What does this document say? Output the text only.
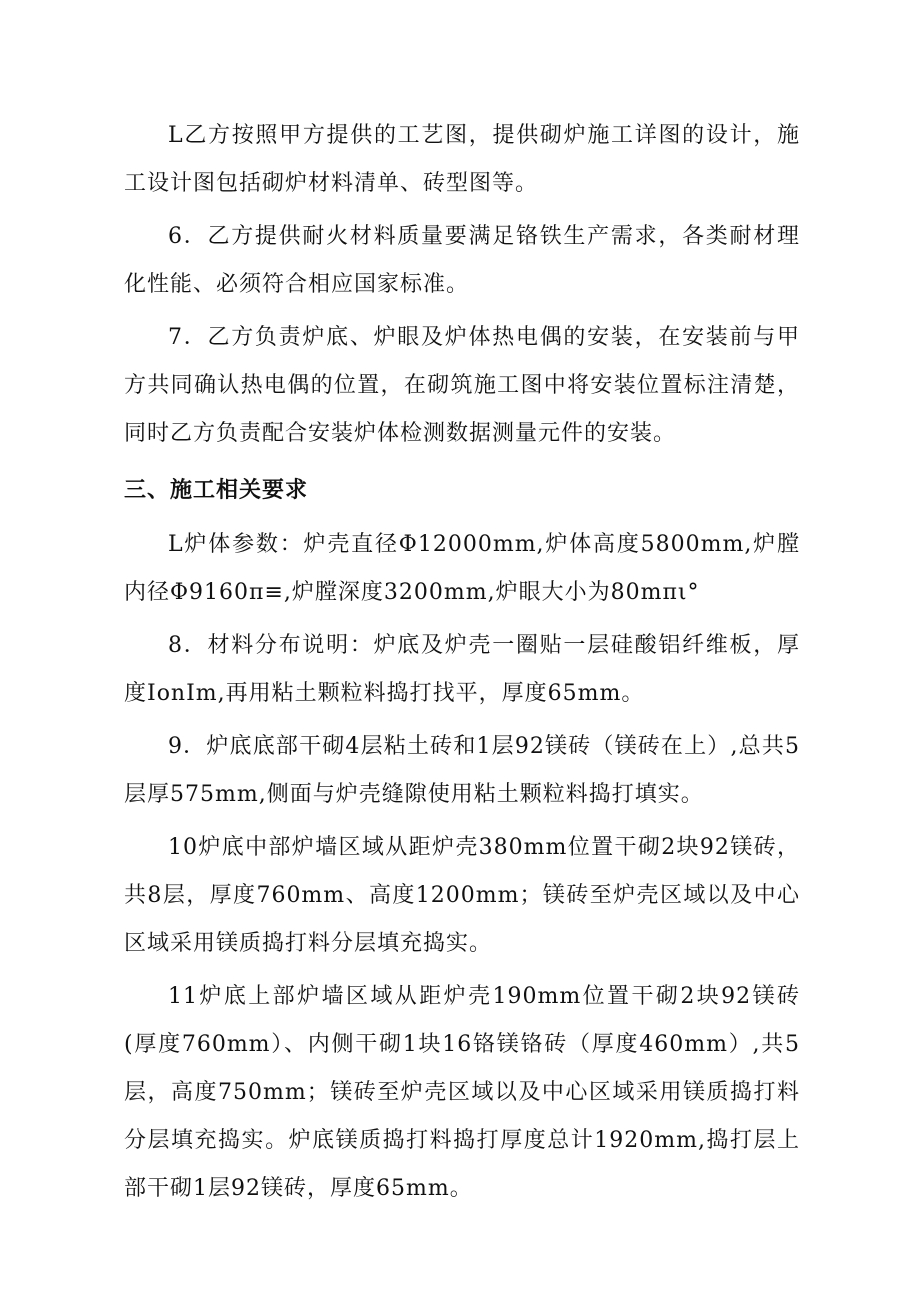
L乙方按照甲方提供的工艺图，提供砌炉施工详图的设计，施工设计图包括砌炉材料清单、砖型图等。

6．乙方提供耐火材料质量要满足铬铁生产需求，各类耐材理化性能、必须符合相应国家标准。

7．乙方负责炉底、炉眼及炉体热电偶的安装，在安装前与甲方共同确认热电偶的位置，在砌筑施工图中将安装位置标注清楚，同时乙方负责配合安装炉体检测数据测量元件的安装。

三、施工相关要求

L炉体参数：炉壳直径Φ12000mm,炉体高度5800mm,炉膛内径Φ9160π≡,炉膛深度3200mm,炉眼大小为80mπι°

8．材料分布说明：炉底及炉壳一圈贴一层硅酸铝纤维板，厚度IonIm,再用粘土颗粒料捣打找平，厚度65mm。

9．炉底底部干砌4层粘土砖和1层92镁砖（镁砖在上）,总共5层厚575mm,侧面与炉壳缝隙使用粘土颗粒料捣打填实。

10炉底中部炉墙区域从距炉壳380mm位置干砌2块92镁砖，共8层，厚度760mm、高度1200mm；镁砖至炉壳区域以及中心区域采用镁质捣打料分层填充捣实。

11炉底上部炉墙区域从距炉壳190mm位置干砌2块92镁砖(厚度760mm）、内侧干砌1块16铬镁铬砖（厚度460mm）,共5层，高度750mm；镁砖至炉壳区域以及中心区域采用镁质捣打料分层填充捣实。炉底镁质捣打料捣打厚度总计1920mm,捣打层上部干砌1层92镁砖，厚度65mm。
